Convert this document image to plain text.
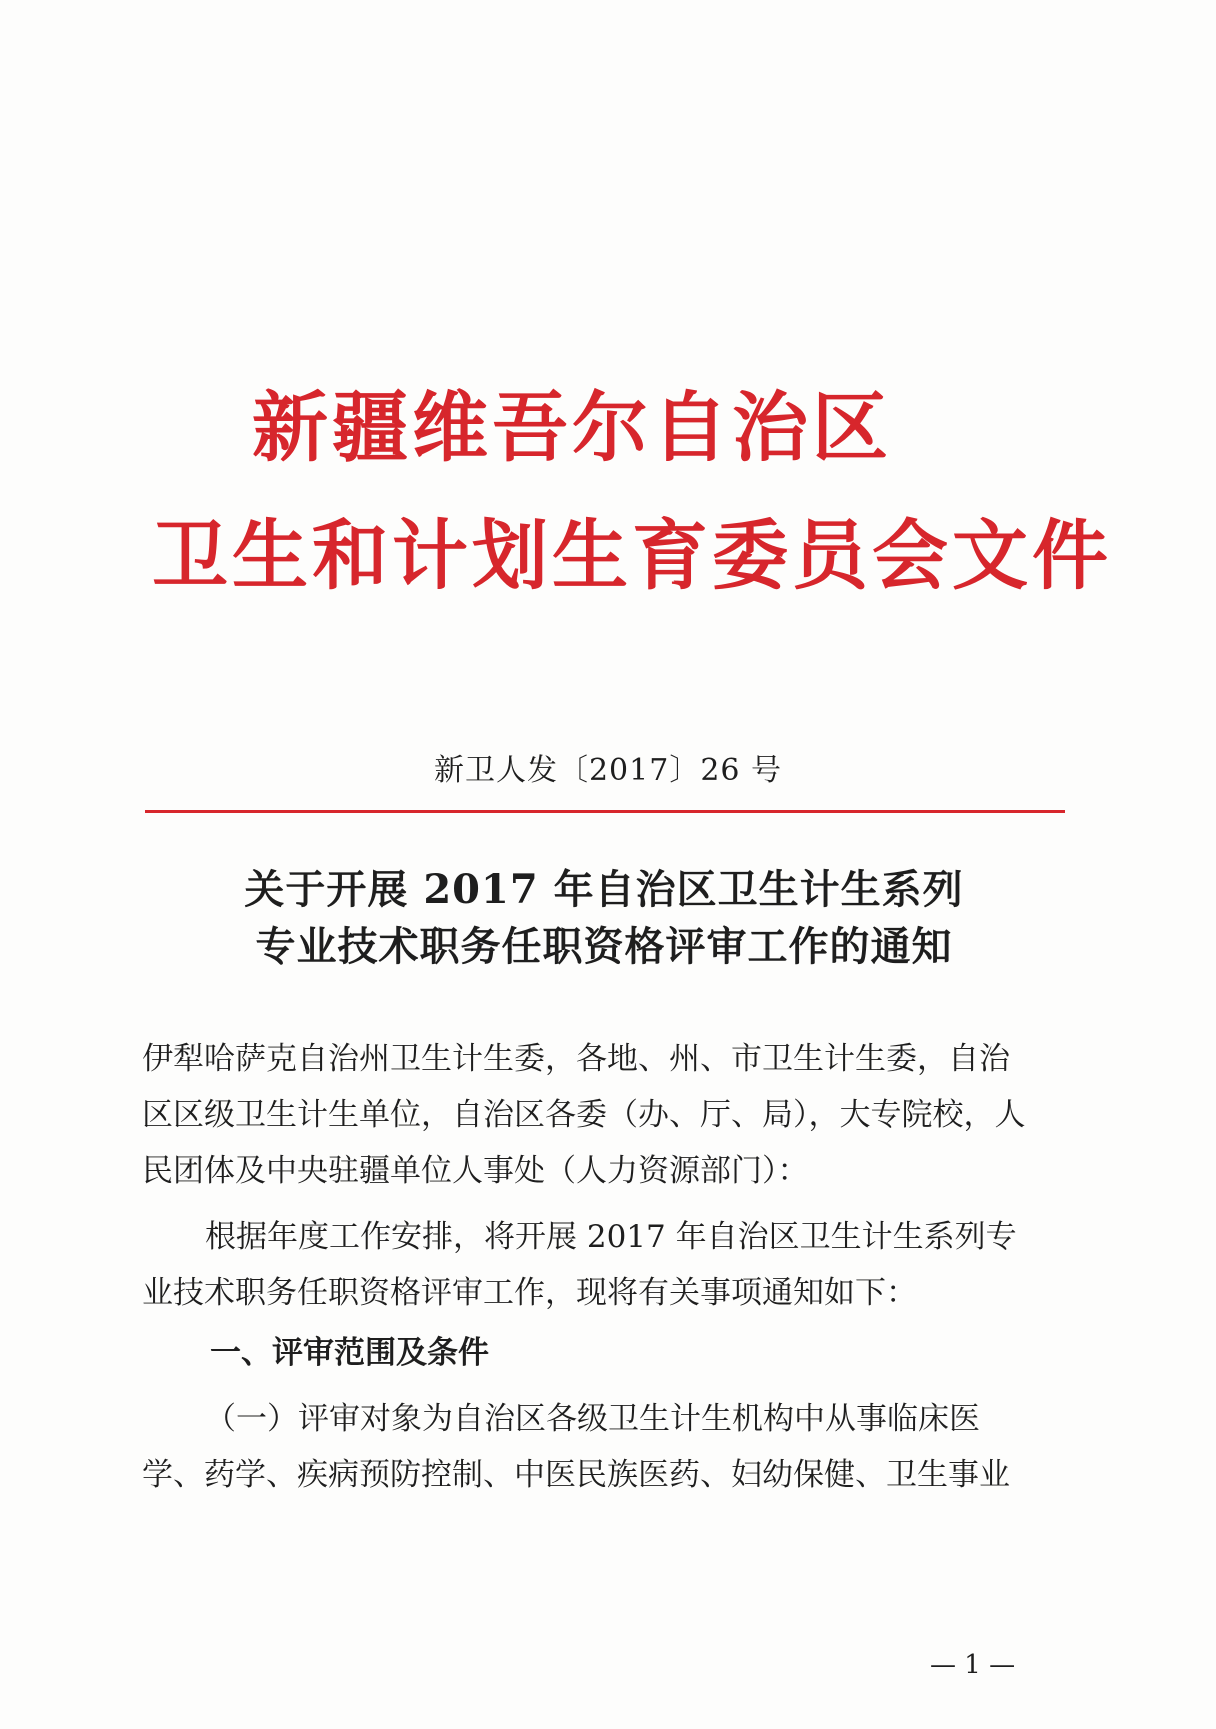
新疆维吾尔自治区
卫生和计划生育委员会文件
新卫人发〔2017〕26 号
关于开展 2017 年自治区卫生计生系列
专业技术职务任职资格评审工作的通知
伊犁哈萨克自治州卫生计生委，各地、州、市卫生计生委，自治
区区级卫生计生单位，自治区各委（办、厅、局），大专院校，人
民团体及中央驻疆单位人事处（人力资源部门）：
根据年度工作安排，将开展 2017 年自治区卫生计生系列专
业技术职务任职资格评审工作，现将有关事项通知如下：
一、评审范围及条件
（一）评审对象为自治区各级卫生计生机构中从事临床医
学、药学、疾病预防控制、中医民族医药、妇幼保健、卫生事业
— 1 —
